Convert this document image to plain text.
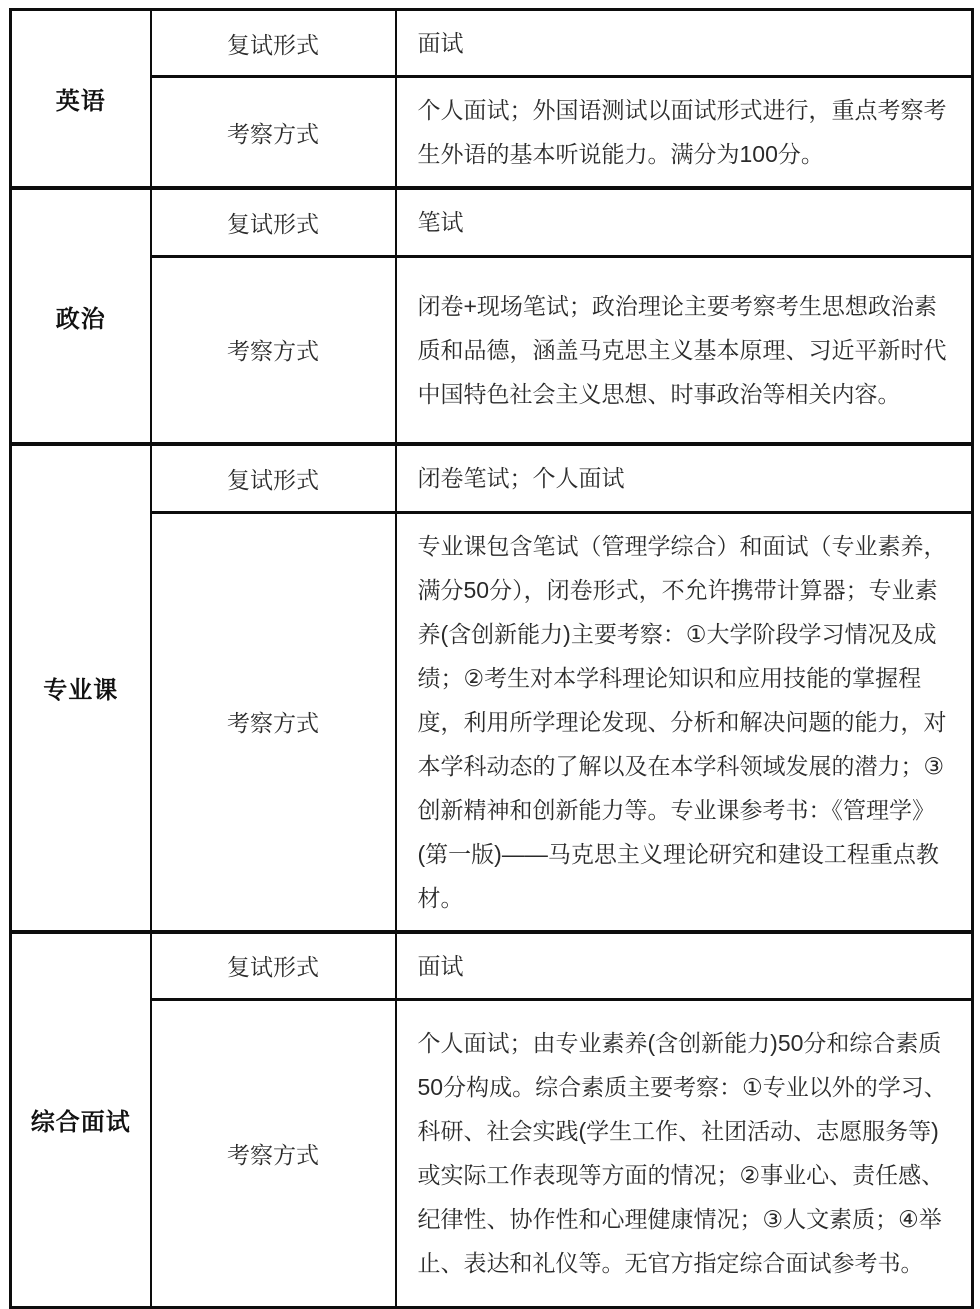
英语	复试形式	面试
	考察方式	个人面试；外国语测试以面试形式进行，重点考察考生外语的基本听说能力。满分为100分。
政治	复试形式	笔试
	考察方式	闭卷+现场笔试；政治理论主要考察考生思想政治素质和品德，涵盖马克思主义基本原理、习近平新时代中国特色社会主义思想、时事政治等相关内容。
专业课	复试形式	闭卷笔试；个人面试
	考察方式	专业课包含笔试（管理学综合）和面试（专业素养，满分50分），闭卷形式，不允许携带计算器；专业素养(含创新能力)主要考察：①大学阶段学习情况及成绩；②考生对本学科理论知识和应用技能的掌握程度，利用所学理论发现、分析和解决问题的能力，对本学科动态的了解以及在本学科领域发展的潜力；③创新精神和创新能力等。专业课参考书：《管理学》(第一版)——马克思主义理论研究和建设工程重点教材。
综合面试	复试形式	面试
	考察方式	个人面试；由专业素养(含创新能力)50分和综合素质50分构成。综合素质主要考察：①专业以外的学习、科研、社会实践(学生工作、社团活动、志愿服务等)或实际工作表现等方面的情况；②事业心、责任感、纪律性、协作性和心理健康情况；③人文素质；④举止、表达和礼仪等。无官方指定综合面试参考书。
